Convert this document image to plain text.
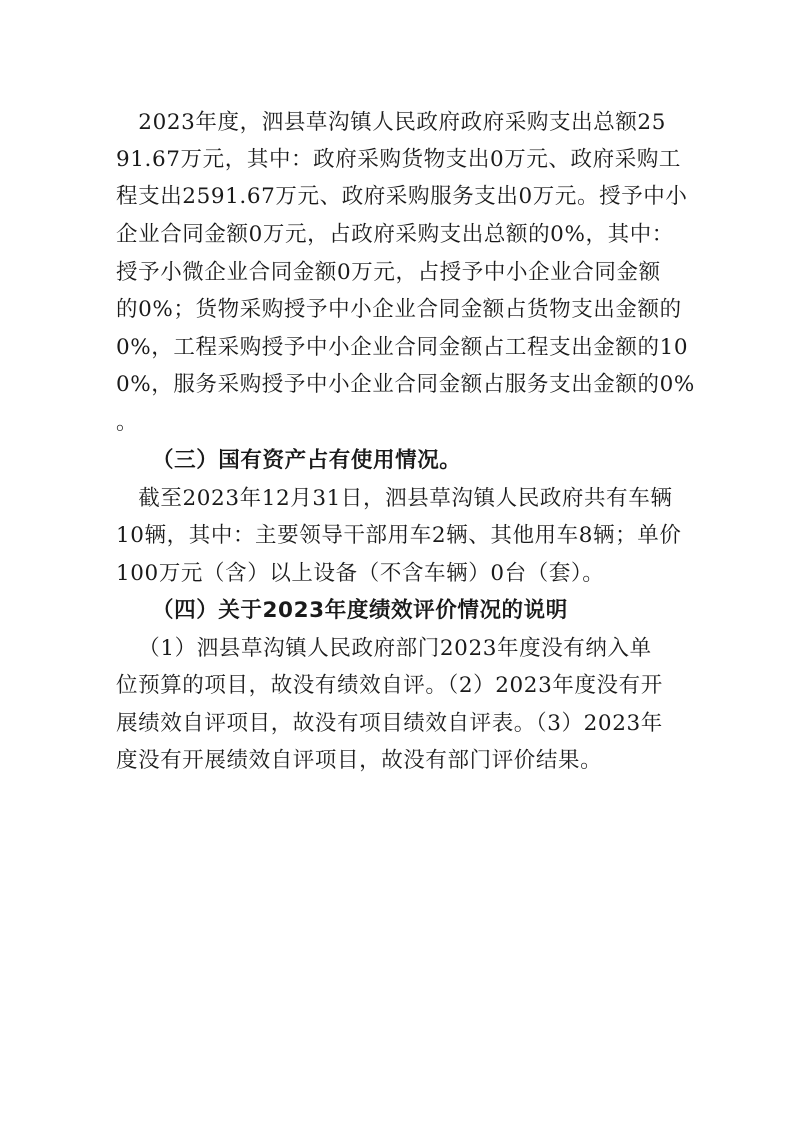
2023年度，泗县草沟镇人民政府政府采购支出总额25
91.67万元，其中：政府采购货物支出0万元、政府采购工
程支出2591.67万元、政府采购服务支出0万元。授予中小
企业合同金额0万元，占政府采购支出总额的0%，其中：
授予小微企业合同金额0万元，占授予中小企业合同金额
的0%；货物采购授予中小企业合同金额占货物支出金额的
0%，工程采购授予中小企业合同金额占工程支出金额的10
0%，服务采购授予中小企业合同金额占服务支出金额的0%
。
（三）国有资产占有使用情况。
截至2023年12月31日，泗县草沟镇人民政府共有车辆
10辆，其中：主要领导干部用车2辆、其他用车8辆；单价
100万元（含）以上设备（不含车辆）0台（套）。
（四）关于2023年度绩效评价情况的说明
（1）泗县草沟镇人民政府部门2023年度没有纳入单
位预算的项目，故没有绩效自评。（2）2023年度没有开
展绩效自评项目，故没有项目绩效自评表。（3）2023年
度没有开展绩效自评项目，故没有部门评价结果。
